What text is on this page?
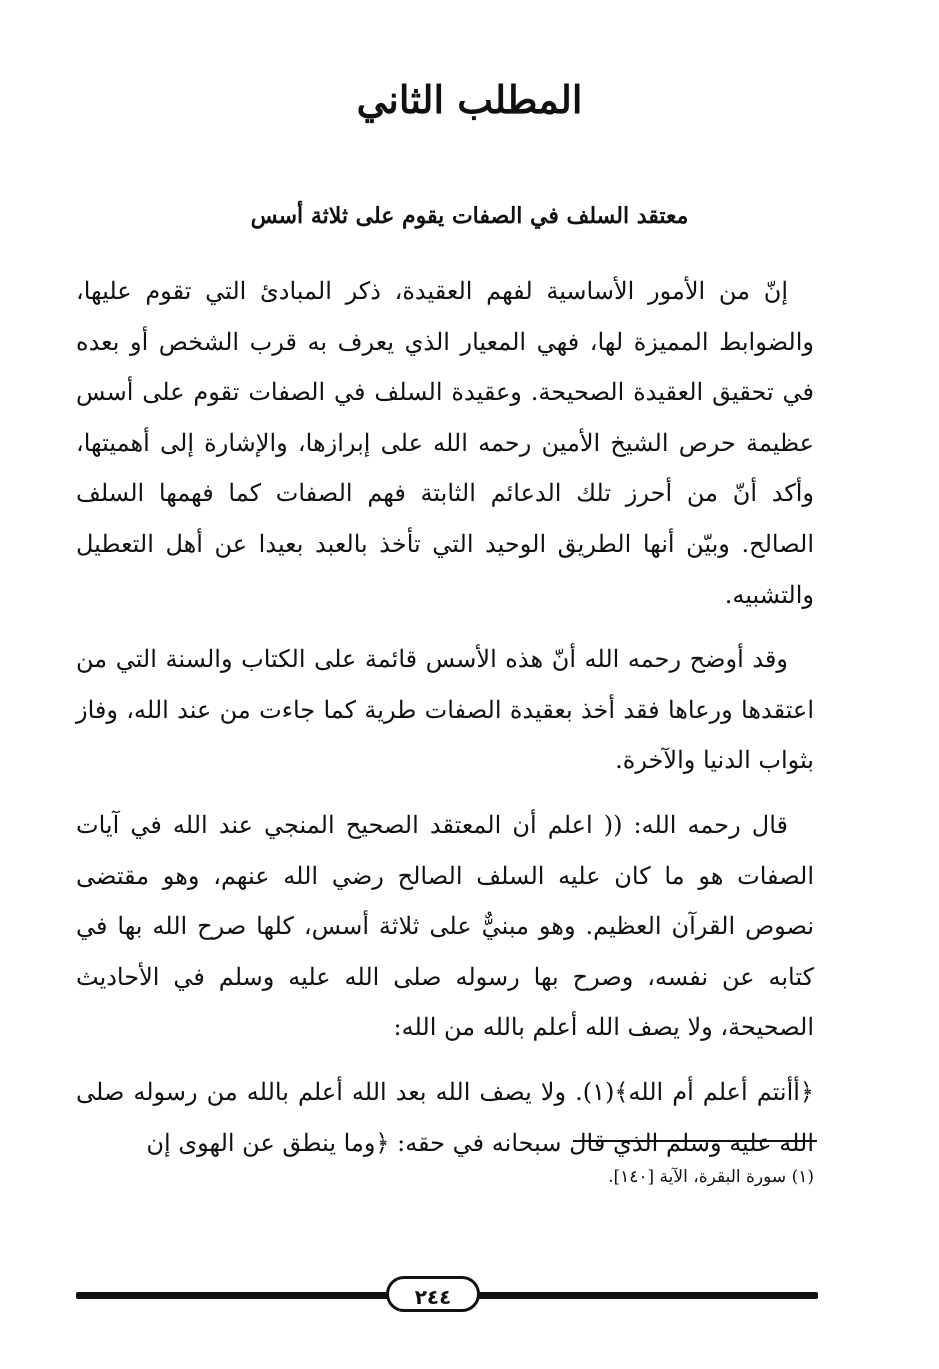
المطلب الثاني
معتقد السلف في الصفات يقوم على ثلاثة أسس

إنّ من الأمور الأساسية لفهم العقيدة، ذكر المبادئ التي تقوم عليها، والضوابط المميزة لها، فهي المعيار الذي يعرف به قرب الشخص أو بعده في تحقيق العقيدة الصحيحة. وعقيدة السلف في الصفات تقوم على أسس عظيمة حرص الشيخ الأمين رحمه الله على إبرازها، والإشارة إلى أهميتها، وأكد أنّ من أحرز تلك الدعائم الثابتة فهم الصفات كما فهمها السلف الصالح. وبيّن أنها الطريق الوحيد التي تأخذ بالعبد بعيدا عن أهل التعطيل والتشبيه.

وقد أوضح رحمه الله أنّ هذه الأسس قائمة على الكتاب والسنة التي من اعتقدها ورعاها فقد أخذ بعقيدة الصفات طرية كما جاءت من عند الله، وفاز بثواب الدنيا والآخرة.

قال رحمه الله: (( اعلم أن المعتقد الصحيح المنجي عند الله في آيات الصفات هو ما كان عليه السلف الصالح رضي الله عنهم، وهو مقتضى نصوص القرآن العظيم. وهو مبنيٌّ على ثلاثة أسس، كلها صرح الله بها في كتابه عن نفسه، وصرح بها رسوله صلى الله عليه وسلم في الأحاديث الصحيحة، ولا يصف الله أعلم بالله من الله:

﴿أأنتم أعلم أم الله﴾(١). ولا يصف الله بعد الله أعلم بالله من رسوله صلى الله عليه وسلم الذي قال سبحانه في حقه: ﴿وما ينطق عن الهوى إن

(١) سورة البقرة، الآية [١٤٠].
٢٤٤
